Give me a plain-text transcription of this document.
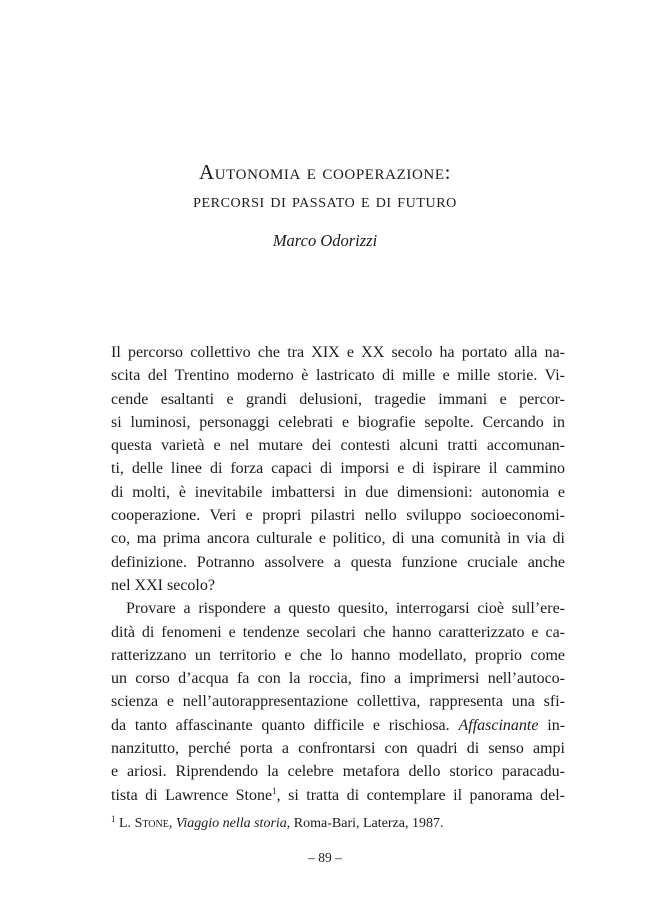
Autonomia e cooperazione:
percorsi di passato e di futuro
Marco Odorizzi
Il percorso collettivo che tra XIX e XX secolo ha portato alla na-
scita del Trentino moderno è lastricato di mille e mille storie. Vi-
cende esaltanti e grandi delusioni, tragedie immani e percor-
si luminosi, personaggi celebrati e biografie sepolte. Cercando in
questa varietà e nel mutare dei contesti alcuni tratti accomunan-
ti, delle linee di forza capaci di imporsi e di ispirare il cammino
di molti, è inevitabile imbattersi in due dimensioni: autonomia e
cooperazione. Veri e propri pilastri nello sviluppo socioeconomi-
co, ma prima ancora culturale e politico, di una comunità in via di
definizione. Potranno assolvere a questa funzione cruciale anche
nel XXI secolo?
Provare a rispondere a questo quesito, interrogarsi cioè sull’ere-
dità di fenomeni e tendenze secolari che hanno caratterizzato e ca-
ratterizzano un territorio e che lo hanno modellato, proprio come
un corso d’acqua fa con la roccia, fino a imprimersi nell’autoco-
scienza e nell’autorappresentazione collettiva, rappresenta una sfi-
da tanto affascinante quanto difficile e rischiosa. Affascinante in-
nanzitutto, perché porta a confrontarsi con quadri di senso ampi
e ariosi. Riprendendo la celebre metafora dello storico paracadu-
tista di Lawrence Stone$^1$, si tratta di contemplare il panorama del-
$^1$ L. Stone, Viaggio nella storia, Roma-Bari, Laterza, 1987.
– 89 –
